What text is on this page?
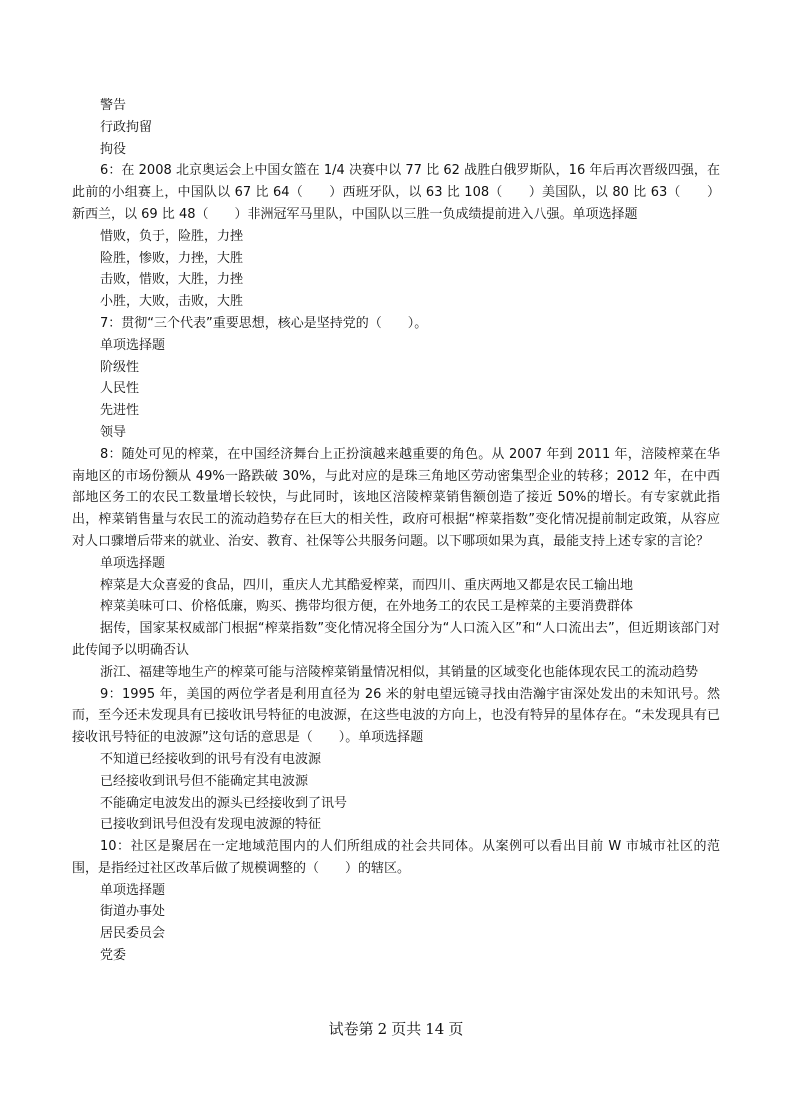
警告
行政拘留
拘役
6：在 2008 北京奥运会上中国女篮在 1/4 决赛中以 77 比 62 战胜白俄罗斯队，16 年后再次晋级四强，在此前的小组赛上，中国队以 67 比 64（　　）西班牙队，以 63 比 108（　　）美国队，以 80 比 63（　　）新西兰，以 69 比 48（　　）非洲冠军马里队，中国队以三胜一负成绩提前进入八强。单项选择题
惜败，负于，险胜，力挫
险胜，惨败，力挫，大胜
击败，惜败，大胜，力挫
小胜，大败，击败，大胜
7：贯彻“三个代表”重要思想，核心是坚持党的（　　）。
单项选择题
阶级性
人民性
先进性
领导
8：随处可见的榨菜，在中国经济舞台上正扮演越来越重要的角色。从 2007 年到 2011 年，涪陵榨菜在华南地区的市场份额从 49%一路跌破 30%，与此对应的是珠三角地区劳动密集型企业的转移；2012 年，在中西部地区务工的农民工数量增长较快，与此同时，该地区涪陵榨菜销售额创造了接近 50%的增长。有专家就此指出，榨菜销售量与农民工的流动趋势存在巨大的相关性，政府可根据“榨菜指数”变化情况提前制定政策，从容应对人口骤增后带来的就业、治安、教育、社保等公共服务问题。以下哪项如果为真，最能支持上述专家的言论？
单项选择题
榨菜是大众喜爱的食品，四川，重庆人尤其酷爱榨菜，而四川、重庆两地又都是农民工输出地
榨菜美味可口、价格低廉，购买、携带均很方便，在外地务工的农民工是榨菜的主要消费群体
据传，国家某权威部门根据“榨菜指数”变化情况将全国分为“人口流入区”和“人口流出去”，但近期该部门对此传闻予以明确否认
浙江、福建等地生产的榨菜可能与涪陵榨菜销量情况相似，其销量的区域变化也能体现农民工的流动趋势
9：1995 年，美国的两位学者是利用直径为 26 米的射电望远镜寻找由浩瀚宇宙深处发出的未知讯号。然而，至今还未发现具有已接收讯号特征的电波源，在这些电波的方向上，也没有特异的星体存在。“未发现具有已接收讯号特征的电波源”这句话的意思是（　　）。单项选择题
不知道已经接收到的讯号有没有电波源
已经接收到讯号但不能确定其电波源
不能确定电波发出的源头已经接收到了讯号
已接收到讯号但没有发现电波源的特征
10：社区是聚居在一定地域范围内的人们所组成的社会共同体。从案例可以看出目前 W 市城市社区的范围，是指经过社区改革后做了规模调整的（　　）的辖区。
单项选择题
街道办事处
居民委员会
党委
试卷第 2 页共 14 页
